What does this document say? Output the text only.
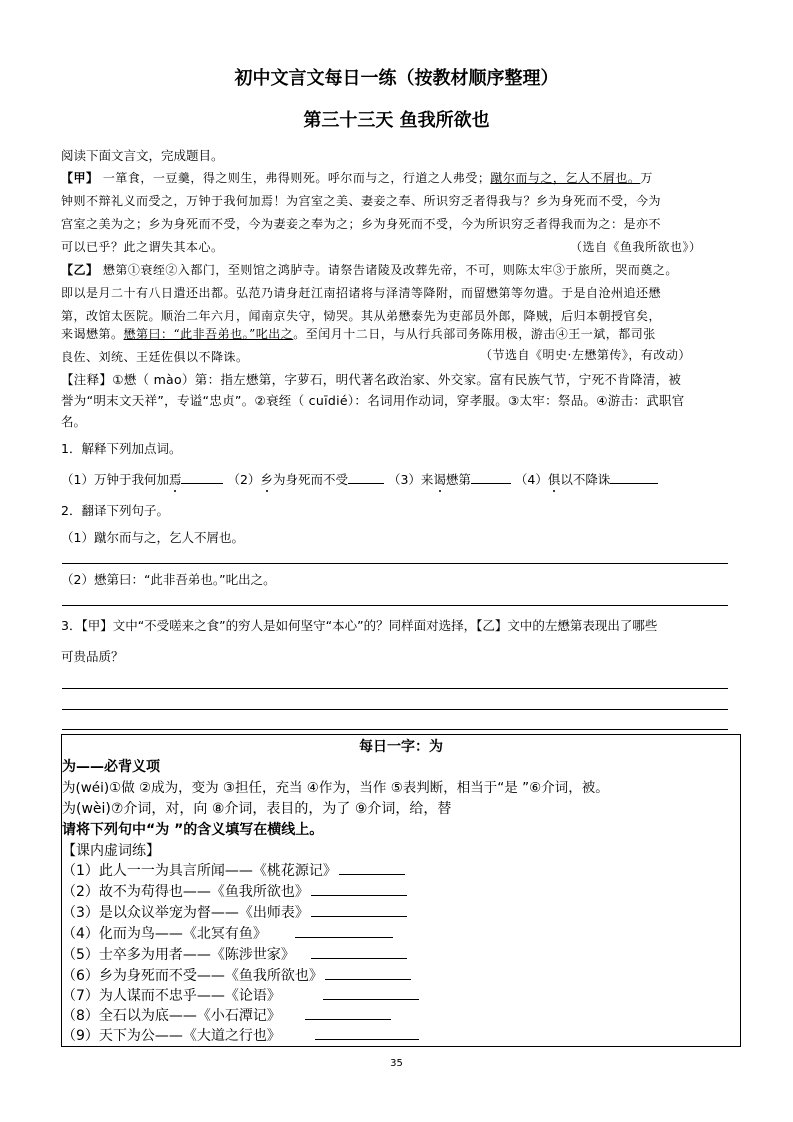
初中文言文每日一练（按教材顺序整理）
第三十三天 鱼我所欲也
阅读下面文言文，完成题目。
【甲】 一箪食，一豆羹，得之则生，弗得则死。呼尔而与之，行道之人弗受；蹴尔而与之，乞人不屑也。万
钟则不辩礼义而受之，万钟于我何加焉！为宫室之美、妻妾之奉、所识穷乏者得我与？乡为身死而不受，今为
宫室之美为之；乡为身死而不受，今为妻妾之奉为之；乡为身死而不受，今为所识穷乏者得我而为之：是亦不
可以已乎？此之谓失其本心。	（选自《鱼我所欲也》）
【乙】 懋第①衰绖②入都门，至则馆之鸿胪寺。请祭告诸陵及改葬先帝，不可，则陈太牢③于旅所，哭而奠之。
即以是月二十有八日遣还出都。弘范乃请身赶江南招诸将与泽清等降附，而留懋第等勿遣。于是自沧州追还懋
第，改馆太医院。顺治二年六月，闻南京失守，恸哭。其从弟懋泰先为吏部员外郎，降贼，后归本朝授官矣，
来谒懋第。懋第曰：“此非吾弟也。”叱出之。至闰月十二日，与从行兵部司务陈用极，游击④王一斌，都司张
良佐、刘统、王廷佐俱以不降诛。	（节选自《明史·左懋第传》，有改动）
【注释】①懋（ mào）第：指左懋第，字萝石，明代著名政治家、外交家。富有民族气节，宁死不肯降清，被
誉为“明末文天祥”，专谥“忠贞”。②衰绖（ cuīdié）：名词用作动词，穿孝服。③太牢：祭品。④游击：武职官
名。
1．解释下列加点词。
（1）万钟于我何加焉	（2）乡为身死而不受	（3）来谒懋第	（4）俱以不降诛
2．翻译下列句子。
（1）蹴尔而与之，乞人不屑也。
（2）懋第曰：“此非吾弟也。”叱出之。
3．【甲】文中“不受嗟来之食”的穷人是如何坚守“本心”的？同样面对选择，【乙】文中的左懋第表现出了哪些
可贵品质？
每日一字：为
为——必背义项
为(wéi)①做 ②成为，变为 ③担任，充当 ④作为，当作 ⑤表判断，相当于“是 ”⑥介词，被。
为(wèi)⑦介词，对，向 ⑧介词，表目的，为了 ⑨介词，给，替
请将下列句中“为 ”的含义填写在横线上。
【课内虚词练】
（1）此人一一为具言所闻——《桃花源记》
（2）故不为苟得也——《鱼我所欲也》
（3）是以众议举宠为督——《出师表》
（4）化而为鸟——《北冥有鱼》
（5）士卒多为用者——《陈涉世家》
（6）乡为身死而不受——《鱼我所欲也》
（7）为人谋而不忠乎——《论语》
（8）全石以为底——《小石潭记》
（9）天下为公——《大道之行也》
35
